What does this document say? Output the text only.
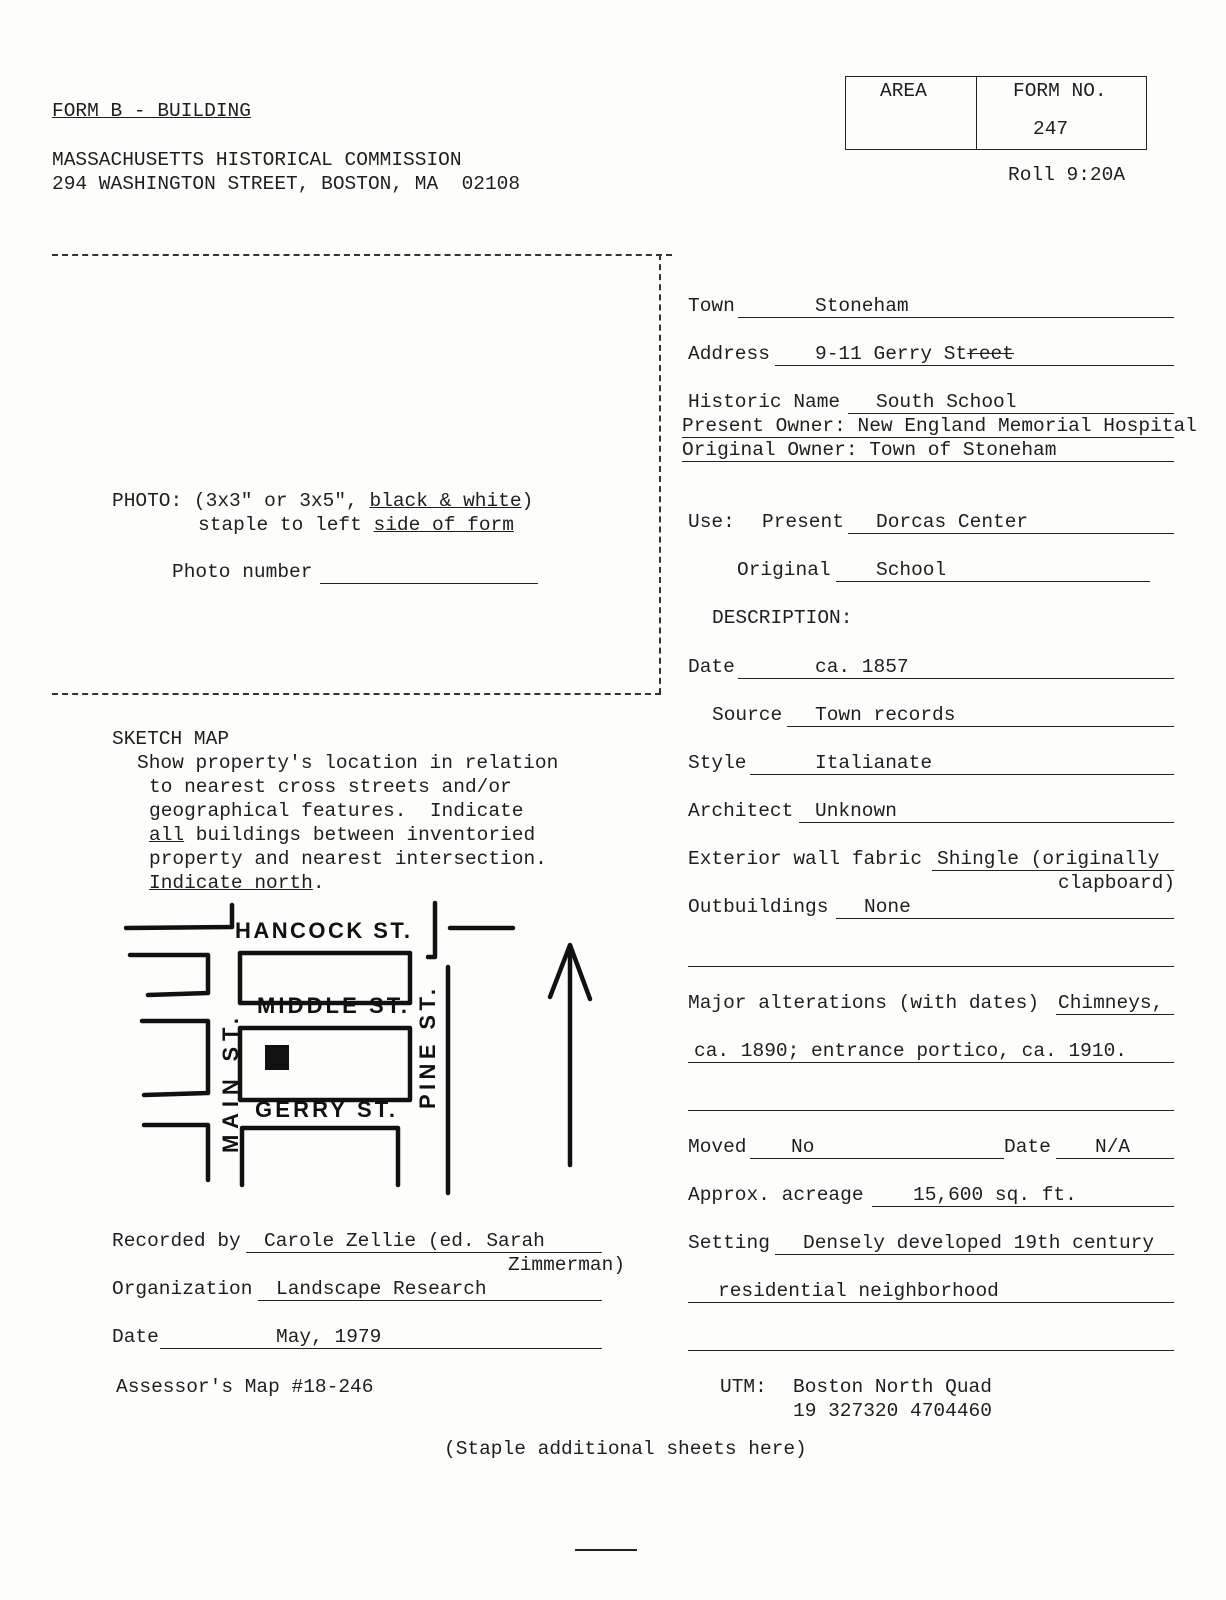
FORM B - BUILDING
MASSACHUSETTS HISTORICAL COMMISSION
294 WASHINGTON STREET, BOSTON, MA  02108
AREA	FORM NO.
247
Roll 9:20A
PHOTO: (3x3" or 3x5", black & white)
staple to left side of form
Photo number
Town	Stoneham
Address 9-11 Gerry Street
Historic Name South School
Present Owner: New England Memorial Hospital
Original Owner: Town of Stoneham
Use: Present Dorcas Center
Original School
DESCRIPTION:
Date	ca. 1857
Source Town records
Style	Italianate
Architect Unknown
Exterior wall fabric Shingle (originally
clapboard)
Outbuildings None
Major alterations (with dates) Chimneys,
ca. 1890; entrance portico, ca. 1910.
Moved No	Date N/A
Approx. acreage	15,600 sq. ft.
Setting Densely developed 19th century
residential neighborhood
UTM: Boston North Quad
19 327320 4704460
SKETCH MAP
Show property's location in relation
to nearest cross streets and/or
geographical features.  Indicate
all buildings between inventoried
property and nearest intersection.
Indicate north.
HANCOCK ST.
MIDDLE ST.
GERRY ST.
MAIN ST.
PINE ST.
Recorded by Carole Zellie (ed. Sarah
Zimmerman)
Organization Landscape Research
Date	May, 1979
Assessor's Map #18-246
(Staple additional sheets here)
